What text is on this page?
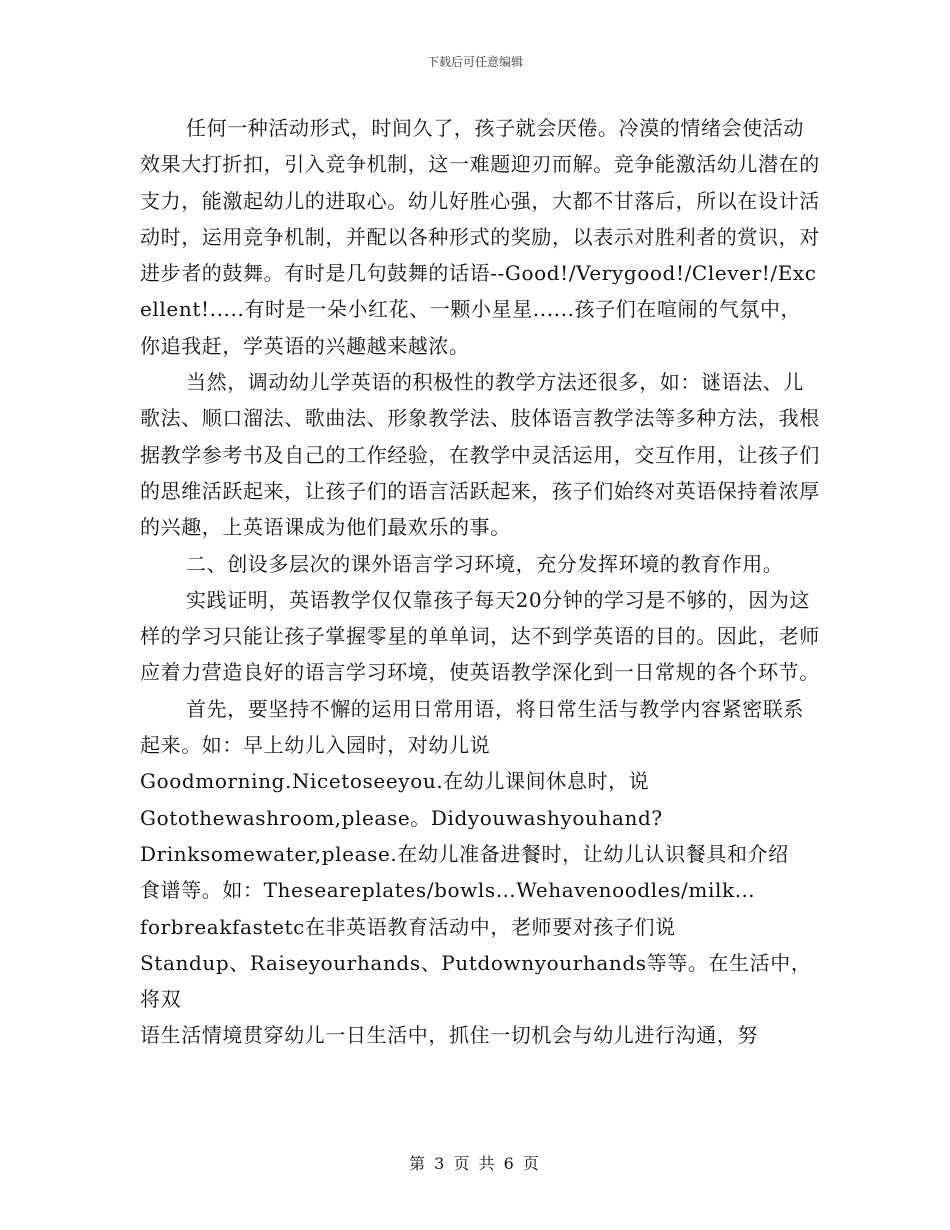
下载后可任意编辑

任何一种活动形式，时间久了，孩子就会厌倦。冷漠的情绪会使活动效果大打折扣，引入竞争机制，这一难题迎刃而解。竞争能激活幼儿潜在的支力，能激起幼儿的进取心。幼儿好胜心强，大都不甘落后，所以在设计活动时，运用竞争机制，并配以各种形式的奖励，以表示对胜利者的赏识，对进步者的鼓舞。有时是几句鼓舞的话语--Good!/Verygood!/Clever!/Excellent!.....有时是一朵小红花、一颗小星星......孩子们在喧闹的气氛中，你追我赶，学英语的兴趣越来越浓。

当然，调动幼儿学英语的积极性的教学方法还很多，如：谜语法、儿歌法、顺口溜法、歌曲法、形象教学法、肢体语言教学法等多种方法，我根据教学参考书及自己的工作经验，在教学中灵活运用，交互作用，让孩子们的思维活跃起来，让孩子们的语言活跃起来，孩子们始终对英语保持着浓厚的兴趣，上英语课成为他们最欢乐的事。

二、创设多层次的课外语言学习环境，充分发挥环境的教育作用。

实践证明，英语教学仅仅靠孩子每天20分钟的学习是不够的，因为这样的学习只能让孩子掌握零星的单单词，达不到学英语的目的。因此，老师应着力营造良好的语言学习环境，使英语教学深化到一日常规的各个环节。

首先，要坚持不懈的运用日常用语，将日常生活与教学内容紧密联系起来。如：早上幼儿入园时，对幼儿说

Goodmorning.Nicetoseeyou.在幼儿课间休息时，说

Gotothewashroom,please。Didyouwashyouhand?

Drinksomewater,please.在幼儿准备进餐时，让幼儿认识餐具和介绍

食谱等。如：Theseareplates/bowls…Wehavenoodles/milk…

forbreakfastetc在非英语教育活动中，老师要对孩子们说

Standup、Raiseyourhands、Putdownyourhands等等。在生活中，将双

语生活情境贯穿幼儿一日生活中，抓住一切机会与幼儿进行沟通，努

第 3 页 共 6 页
